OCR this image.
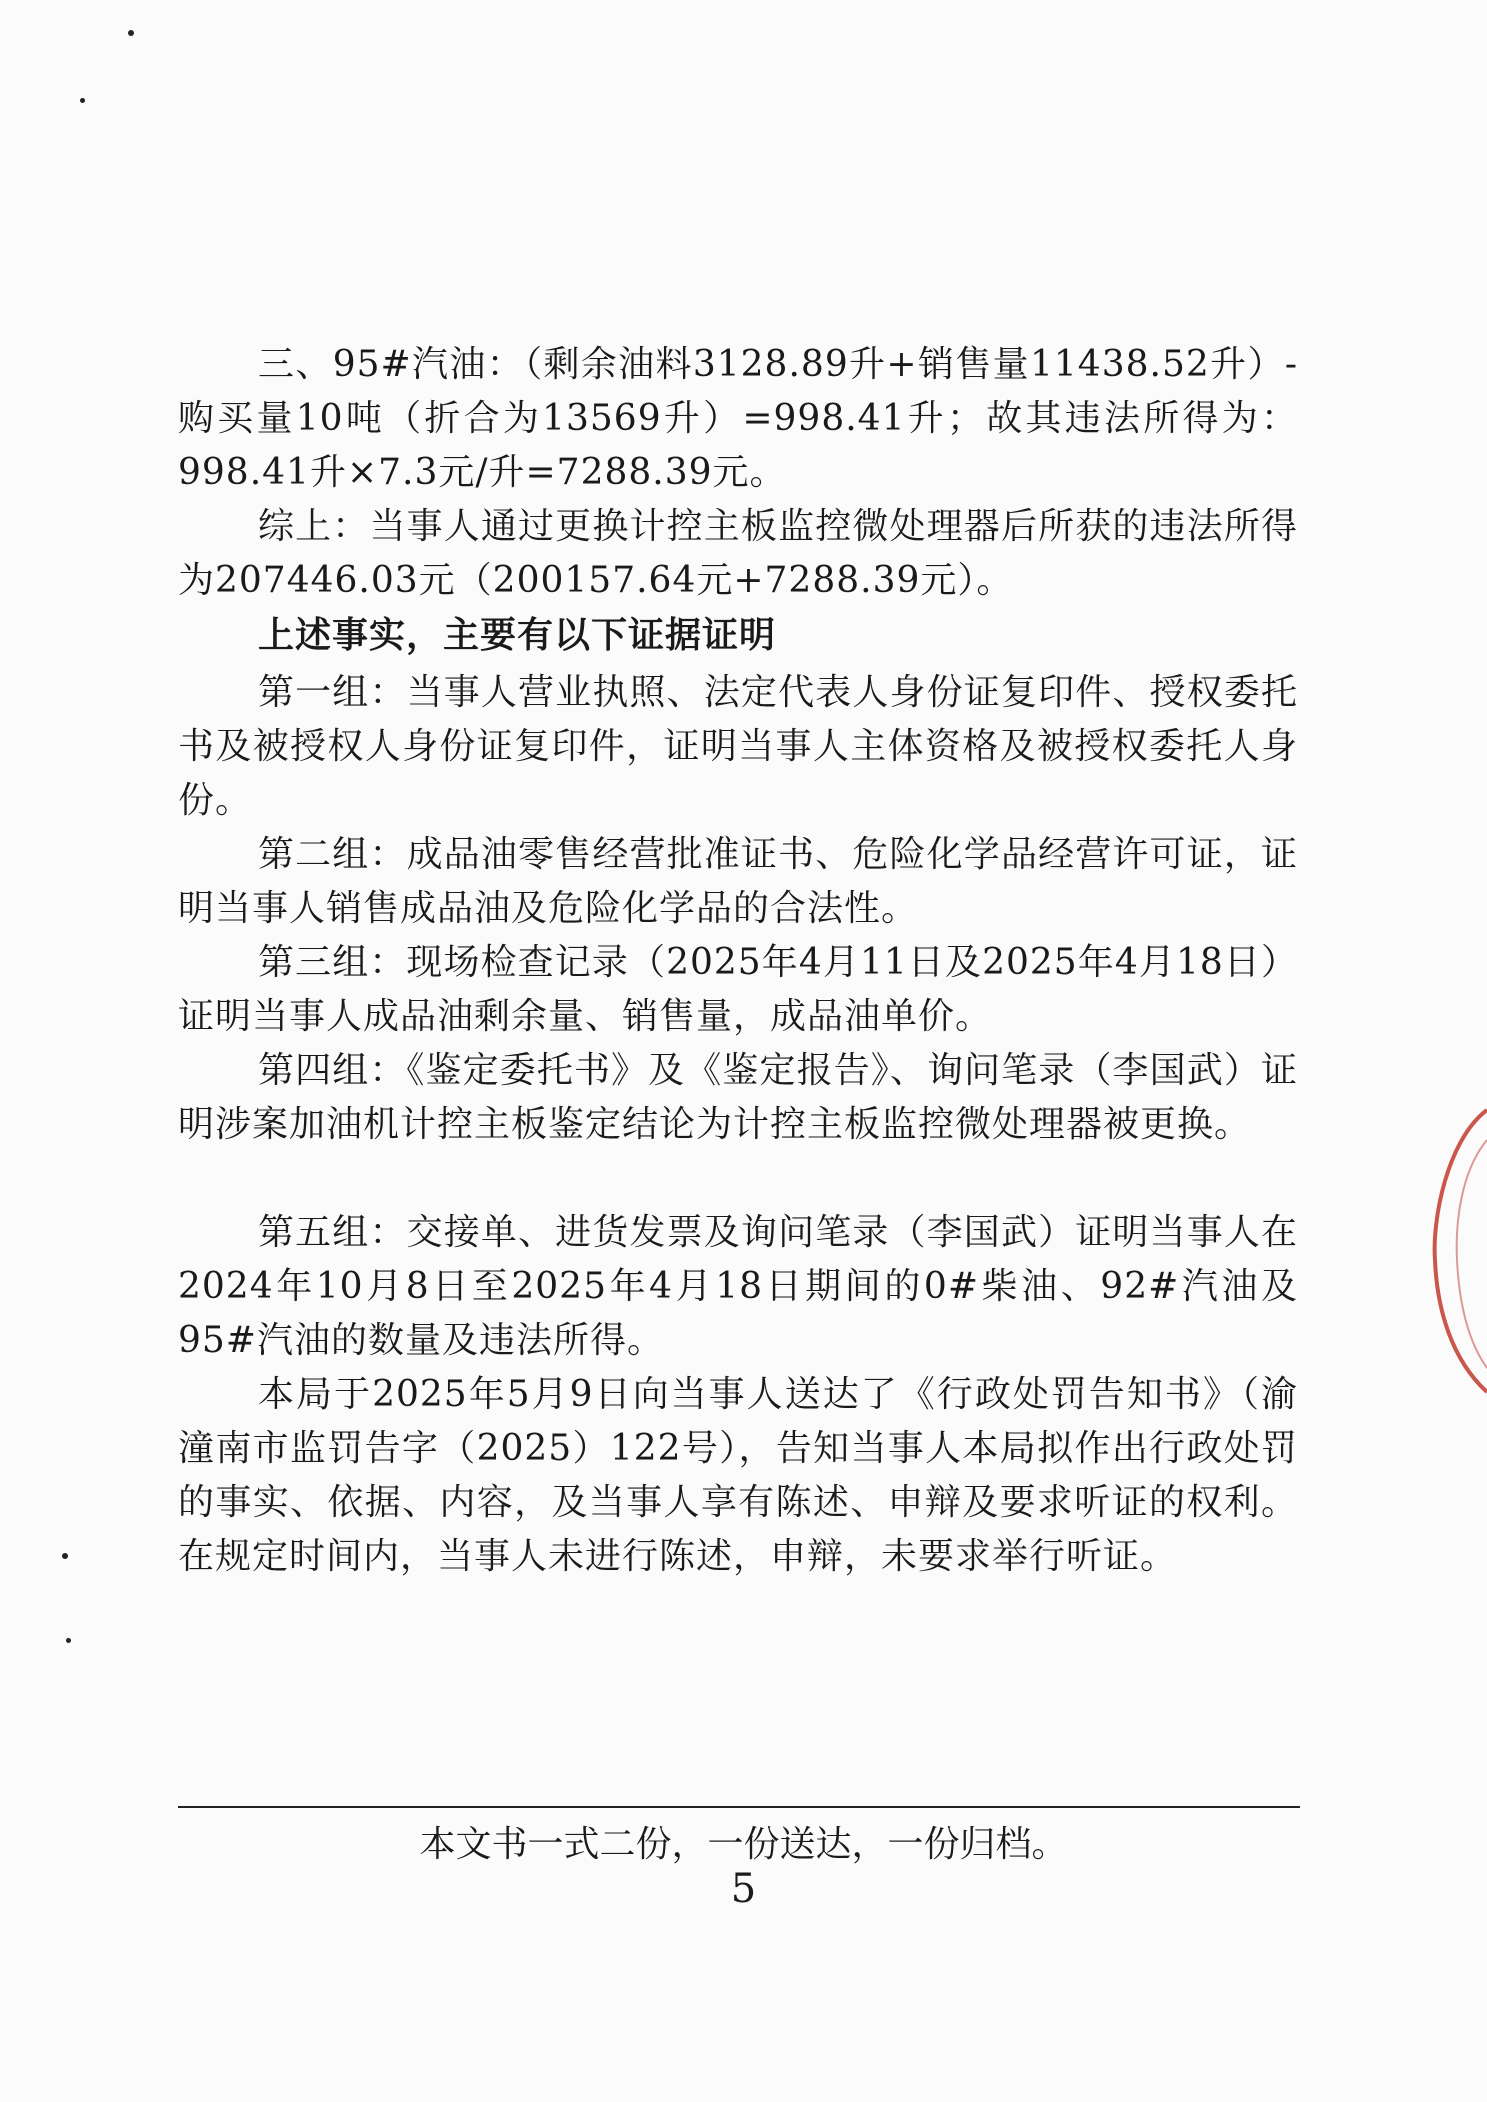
三、95#汽油：（剩余油料3128.89升+销售量11438.52升）-购买量10吨（折合为13569升）=998.41升；故其违法所得为：998.41升×7.3元/升=7288.39元。

综上：当事人通过更换计控主板监控微处理器后所获的违法所得为207446.03元（200157.64元+7288.39元）。

上述事实，主要有以下证据证明

第一组：当事人营业执照、法定代表人身份证复印件、授权委托书及被授权人身份证复印件，证明当事人主体资格及被授权委托人身份。

第二组：成品油零售经营批准证书、危险化学品经营许可证，证明当事人销售成品油及危险化学品的合法性。

第三组：现场检查记录（2025年4月11日及2025年4月18日）证明当事人成品油剩余量、销售量，成品油单价。

第四组：《鉴定委托书》及《鉴定报告》、询问笔录（李国武）证明涉案加油机计控主板鉴定结论为计控主板监控微处理器被更换。

第五组：交接单、进货发票及询问笔录（李国武）证明当事人在2024年10月8日至2025年4月18日期间的0#柴油、92#汽油及95#汽油的数量及违法所得。

本局于2025年5月9日向当事人送达了《行政处罚告知书》（渝潼南市监罚告字（2025）122号），告知当事人本局拟作出行政处罚的事实、依据、内容，及当事人享有陈述、申辩及要求听证的权利。在规定时间内，当事人未进行陈述，申辩，未要求举行听证。

本文书一式二份，一份送达，一份归档。
5
